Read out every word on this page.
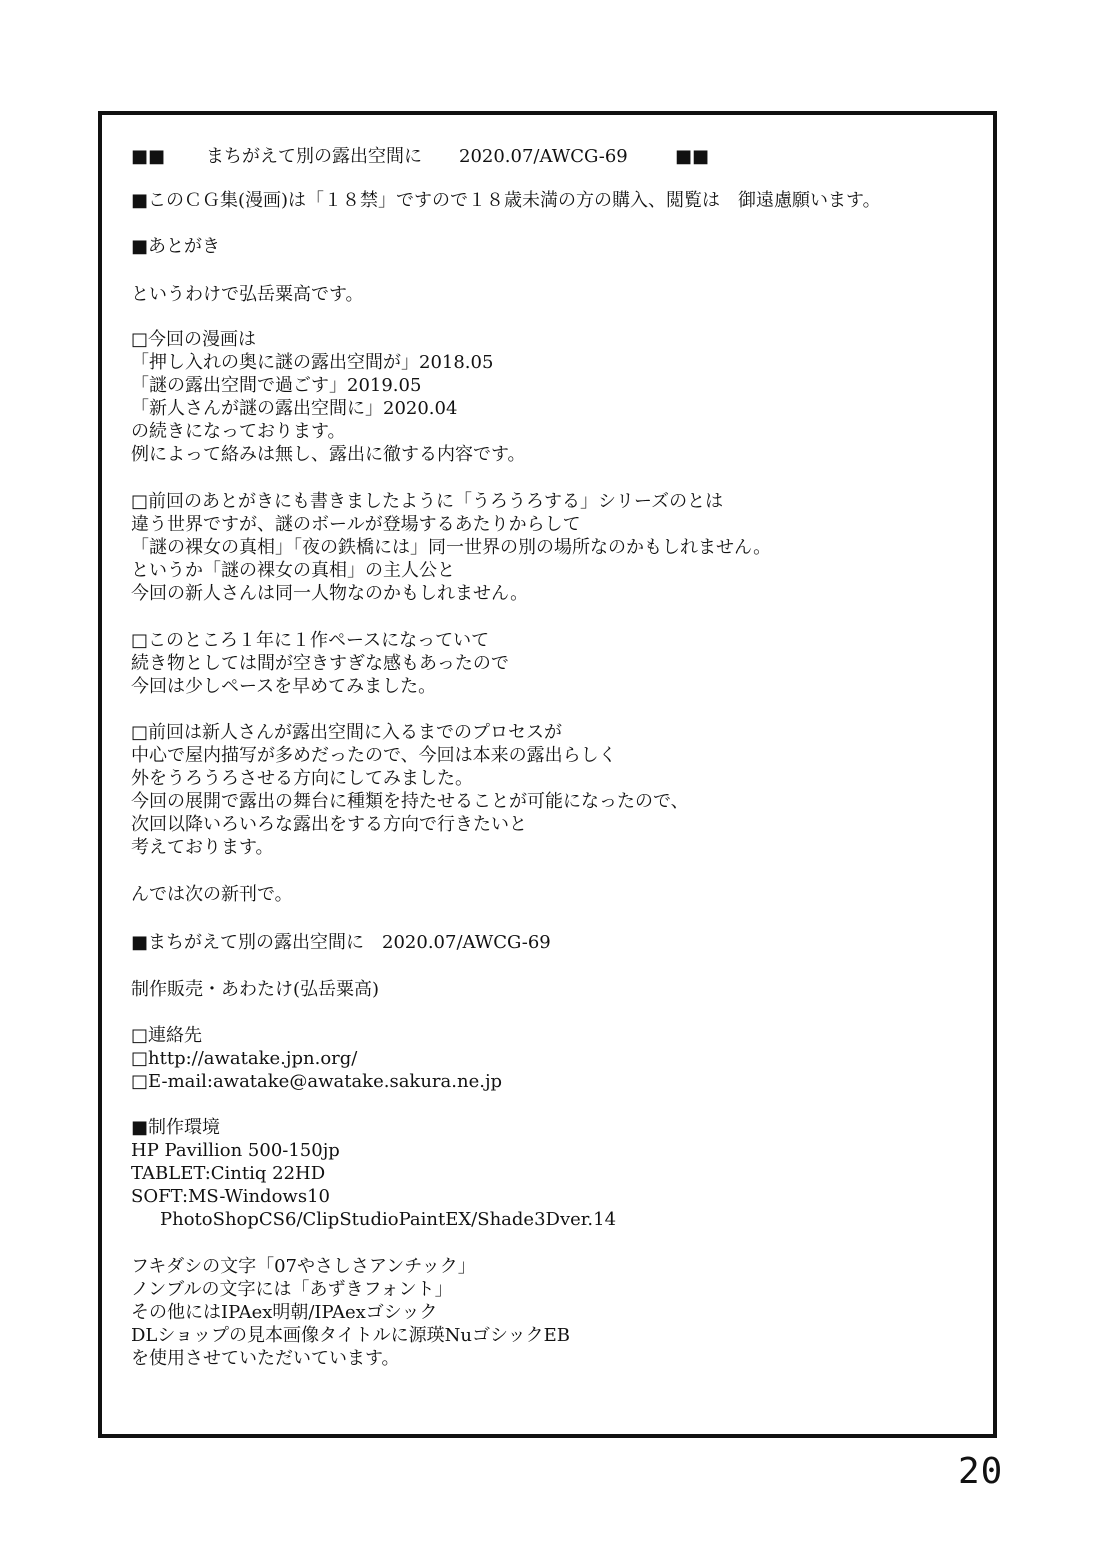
■■ まちがえて別の露出空間に 2020.07/AWCG-69	■■
■このＣＧ集(漫画)は「１８禁」ですので１８歳未満の方の購入、閲覧は　御遠慮願います。
■あとがき
というわけで弘岳粟高です。
□今回の漫画は
「押し入れの奥に謎の露出空間が」2018.05
「謎の露出空間で過ごす」2019.05
「新人さんが謎の露出空間に」2020.04
の続きになっております。
例によって絡みは無し、露出に徹する内容です。
□前回のあとがきにも書きましたように「うろうろする」シリーズのとは
違う世界ですが、謎のボールが登場するあたりからして
「謎の裸女の真相」「夜の鉄橋には」同一世界の別の場所なのかもしれません。
というか「謎の裸女の真相」の主人公と
今回の新人さんは同一人物なのかもしれません。
□このところ１年に１作ペースになっていて
続き物としては間が空きすぎな感もあったので
今回は少しペースを早めてみました。
□前回は新人さんが露出空間に入るまでのプロセスが
中心で屋内描写が多めだったので、今回は本来の露出らしく
外をうろうろさせる方向にしてみました。
今回の展開で露出の舞台に種類を持たせることが可能になったので、
次回以降いろいろな露出をする方向で行きたいと
考えております。
んでは次の新刊で。
■まちがえて別の露出空間に　2020.07/AWCG-69
制作販売・あわたけ(弘岳粟高)
□連絡先
□http://awatake.jpn.org/
□E-mail:awatake@awatake.sakura.ne.jp
■制作環境
HP Pavillion 500-150jp
TABLET:Cintiq 22HD
SOFT:MS-Windows10
PhotoShopCS6/ClipStudioPaintEX/Shade3Dver.14
フキダシの文字「07やさしさアンチック」
ノンブルの文字には「あずきフォント」
その他にはIPAex明朝/IPAexゴシック
DLショップの見本画像タイトルに源瑛NuゴシックEB
を使用させていただいています。
20
